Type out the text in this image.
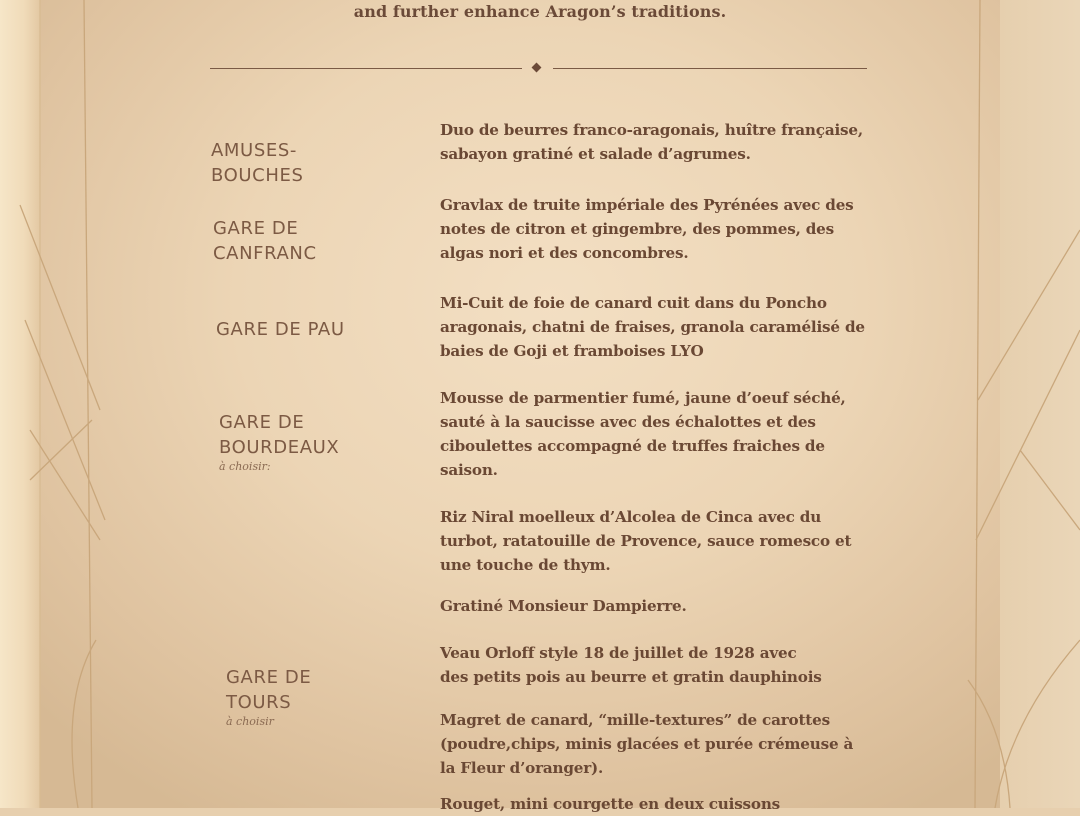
and further enhance Aragon’s traditions.

AMUSES-
BOUCHES

GARE DE
CANFRANC

GARE DE PAU

GARE DE
BOURDEAUX

à choisir:

GARE DE
TOURS

à choisir

Duo de beurres franco-aragonais, huître française,
sabayon gratiné et salade d’agrumes.
Gravlax de truite impériale des Pyrénées avec des
notes de citron et gingembre, des pommes, des
algas nori et des concombres.
Mi-Cuit de foie de canard cuit dans du Poncho
aragonais, chatni de fraises, granola caramélisé de
baies de Goji et framboises LYO
Mousse de parmentier fumé, jaune d’oeuf séché,
sauté à la saucisse avec des échalottes et des
ciboulettes accompagné de truffes fraiches de
saison.
Riz Niral moelleux d’Alcolea de Cinca avec du
turbot, ratatouille de Provence, sauce romesco et
une touche de thym.
Gratiné Monsieur Dampierre.
Veau Orloff style 18 de juillet de 1928 avec
des petits pois au beurre et gratin dauphinois
Magret de canard, “mille-textures” de carottes
(poudre,chips, minis glacées et purée crémeuse à
la Fleur d’oranger).
Rouget, mini courgette en deux cuissons
